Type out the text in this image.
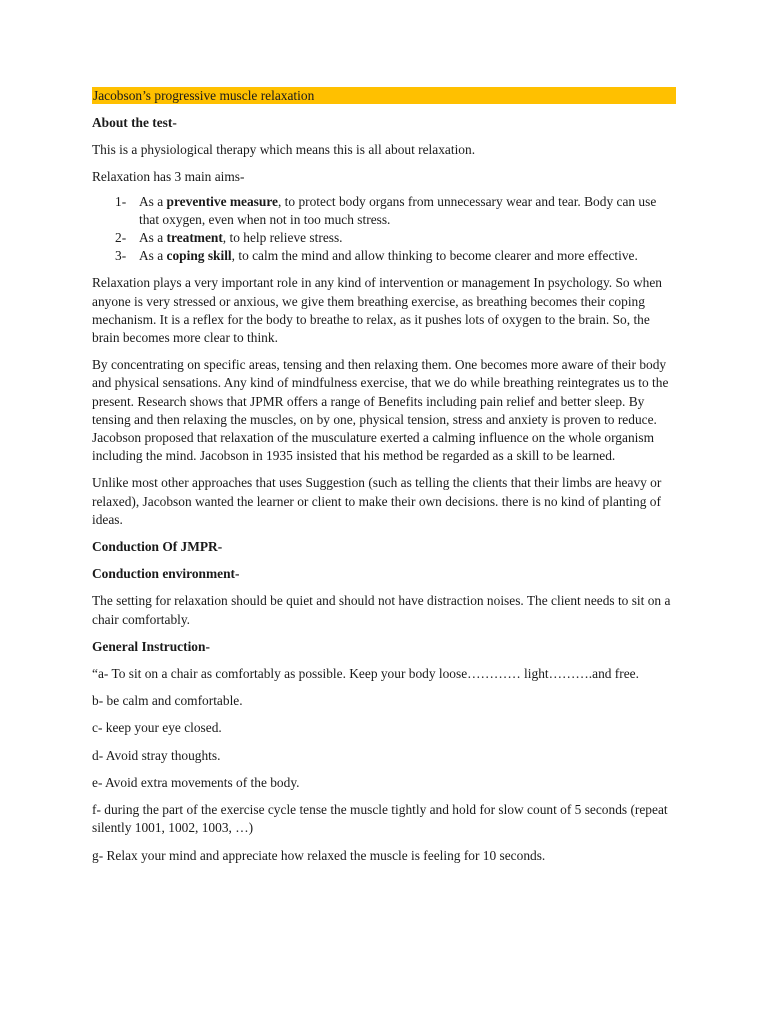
Jacobson’s progressive muscle relaxation

About the test-

This is a physiological therapy which means this is all about relaxation.

Relaxation has 3 main aims-

1- As a preventive measure, to protect body organs from unnecessary wear and tear. Body can use that oxygen, even when not in too much stress.
2- As a treatment, to help relieve stress.
3- As a coping skill, to calm the mind and allow thinking to become clearer and more effective.

Relaxation plays a very important role in any kind of intervention or management In psychology. So when anyone is very stressed or anxious, we give them breathing exercise, as breathing becomes their coping mechanism. It is a reflex for the body to breathe to relax, as it pushes lots of oxygen to the brain. So, the brain becomes more clear to think.

By concentrating on specific areas, tensing and then relaxing them. One becomes more aware of their body and physical sensations. Any kind of mindfulness exercise, that we do while breathing reintegrates us to the present. Research shows that JPMR offers a range of Benefits including pain relief and better sleep. By tensing and then relaxing the muscles, on by one, physical tension, stress and anxiety is proven to reduce. Jacobson proposed that relaxation of the musculature exerted a calming influence on the whole organism including the mind. Jacobson in 1935 insisted that his method be regarded as a skill to be learned.

Unlike most other approaches that uses Suggestion (such as telling the clients that their limbs are heavy or relaxed), Jacobson wanted the learner or client to make their own decisions. there is no kind of planting of ideas.

Conduction Of JMPR-

Conduction environment-

The setting for relaxation should be quiet and should not have distraction noises. The client needs to sit on a chair comfortably.

General Instruction-

“a- To sit on a chair as comfortably as possible. Keep your body loose………… light……….and free.

b- be calm and comfortable.

c- keep your eye closed.

d- Avoid stray thoughts.

e- Avoid extra movements of the body.

f- during the part of the exercise cycle tense the muscle tightly and hold for slow count of 5 seconds (repeat silently 1001, 1002, 1003, …)

g- Relax your mind and appreciate how relaxed the muscle is feeling for 10 seconds.
